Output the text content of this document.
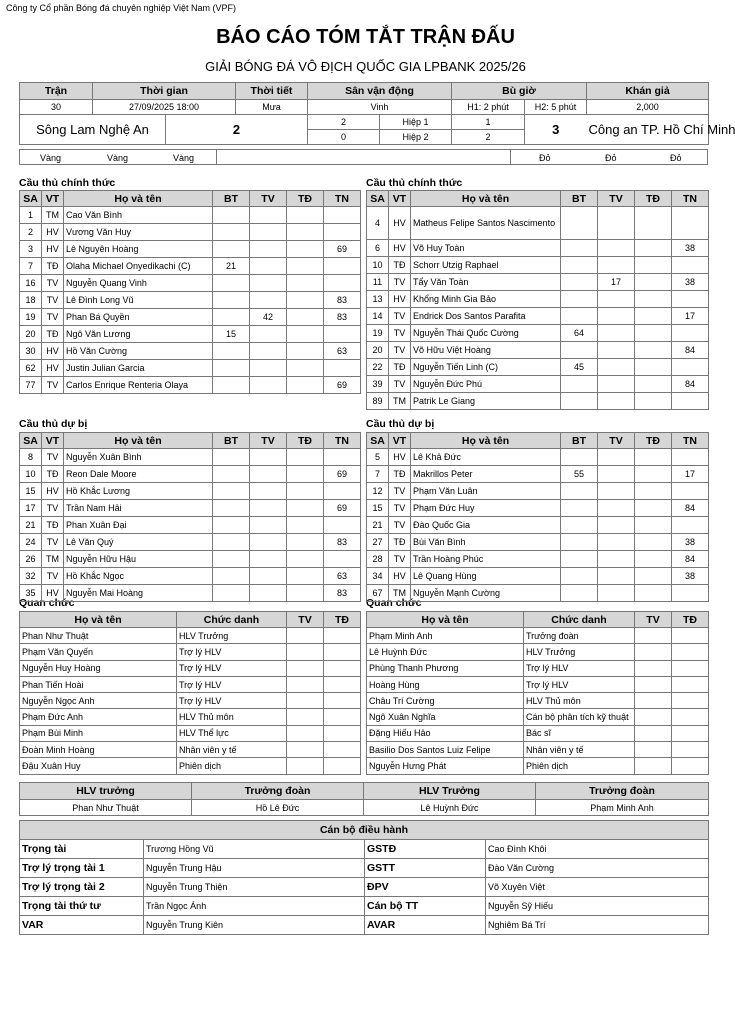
Công ty Cổ phần Bóng đá chuyên nghiệp Việt Nam (VPF)
BÁO CÁO TÓM TẮT TRẬN ĐẤU
GIẢI BÓNG ĐÁ VÔ ĐỊCH QUỐC GIA LPBANK 2025/26
Trận	Thời gian		Thời tiết	Sân vận động		Bù giờ		Khán giả
30	27/09/2025 18:00		Mưa	Vinh		H1: 2 phút	H2: 5 phút	2,000
Sông Lam Nghệ An		2		2	Hiệp 1	1	3	Công an TP. Hồ Chí Minh
				0	Hiệp 2	2		
Vàng	Vàng	Vàng	Đỏ	Đỏ	Đỏ
Cầu thủ chính thức	Cầu thủ chính thức
Cầu thủ dự bị	Cầu thủ dự bị
Quan chức	Quan chức
SA	VT	Họ và tên	BT	TV	TĐ	TN
1	TM	Cao Văn Bình				
2	HV	Vương Văn Huy				
3	HV	Lê Nguyên Hoàng				69
7	TĐ	Olaha Michael Onyedikachi (C)	21			
16	TV	Nguyễn Quang Vinh				
18	TV	Lê Đình Long Vũ				83
19	TV	Phan Bá Quyền		42		83
20	TĐ	Ngô Văn Lương	15			
30	HV	Hồ Văn Cường				63
62	HV	Justin Julian Garcia				
77	TV	Carlos Enrique Renteria Olaya				69
SA	VT	Họ và tên	BT	TV	TĐ	TN
4	HV	Matheus Felipe Santos Nascimento				
6	HV	Võ Huy Toàn				38
10	TĐ	Schorr Utzig Raphael				
11	TV	Tẩy Văn Toàn		17		38
13	HV	Khổng Minh Gia Bảo				
14	TV	Endrick Dos Santos Parafita				17
19	TV	Nguyễn Thái Quốc Cường	64			
20	TV	Võ Hữu Việt Hoàng				84
22	TĐ	Nguyễn Tiến Linh (C)	45			
39	TV	Nguyễn Đức Phú				84
89	TM	Patrik Le Giang				
SA	VT	Họ và tên	BT	TV	TĐ	TN
8	TV	Nguyễn Xuân Bình				
10	TĐ	Reon Dale Moore				69
15	HV	Hồ Khắc Lương				
17	TV	Trần Nam Hải				69
21	TĐ	Phan Xuân Đại				
24	TV	Lê Văn Quý				83
26	TM	Nguyễn Hữu Hậu				
32	TV	Hồ Khắc Ngọc				63
35	HV	Nguyễn Mai Hoàng				83
SA	VT	Họ và tên	BT	TV	TĐ	TN
5	HV	Lê Khả Đức				
7	TĐ	Makrillos Peter	55			17
12	TV	Phạm Văn Luân				
15	TV	Phạm Đức Huy				84
21	TV	Đào Quốc Gia				
27	TĐ	Bùi Văn Bình				38
28	TV	Trần Hoàng Phúc				84
34	HV	Lê Quang Hùng				38
67	TM	Nguyễn Mạnh Cường				
Họ và tên	Chức danh	TV	TĐ
Phan Như Thuật	HLV Trưởng		
Phạm Văn Quyến	Trợ lý HLV		
Nguyễn Huy Hoàng	Trợ lý HLV		
Phan Tiến Hoài	Trợ lý HLV		
Nguyễn Ngọc Anh	Trợ lý HLV		
Phạm Đức Anh	HLV Thủ môn		
Phạm Bùi Minh	HLV Thể lực		
Đoàn Minh Hoàng	Nhân viên y tế		
Đậu Xuân Huy	Phiên dịch		
Họ và tên	Chức danh	TV	TĐ
Phạm Minh Anh	Trưởng đoàn		
Lê Huỳnh Đức	HLV Trưởng		
Phùng Thanh Phương	Trợ lý HLV		
Hoàng Hùng	Trợ lý HLV		
Châu Trí Cường	HLV Thủ môn		
Ngô Xuân Nghĩa	Cán bộ phân tích kỹ thuật		
Đặng Hiếu Hảo	Bác sĩ		
Basilio Dos Santos Luiz Felipe	Nhân viên y tế		
Nguyễn Hưng Phát	Phiên dịch		
HLV trưởng	Trưởng đoàn	HLV Trưởng	Trưởng đoàn
Phan Như Thuật	Hồ Lê Đức	Lê Huỳnh Đức	Phạm Minh Anh
Cán bộ điều hành			
Trọng tài	Trương Hồng Vũ	GSTĐ	Cao Đình Khôi
Trợ lý trọng tài 1	Nguyễn Trung Hậu	GSTT	Đào Văn Cường
Trợ lý trọng tài 2	Nguyễn Trung Thiện	ĐPV	Võ Xuyên Việt
Trọng tài thứ tư	Trần Ngọc Ánh	Cán bộ TT	Nguyễn Sỹ Hiếu
VAR	Nguyễn Trung Kiên	AVAR	Nghiêm Bá Trí
